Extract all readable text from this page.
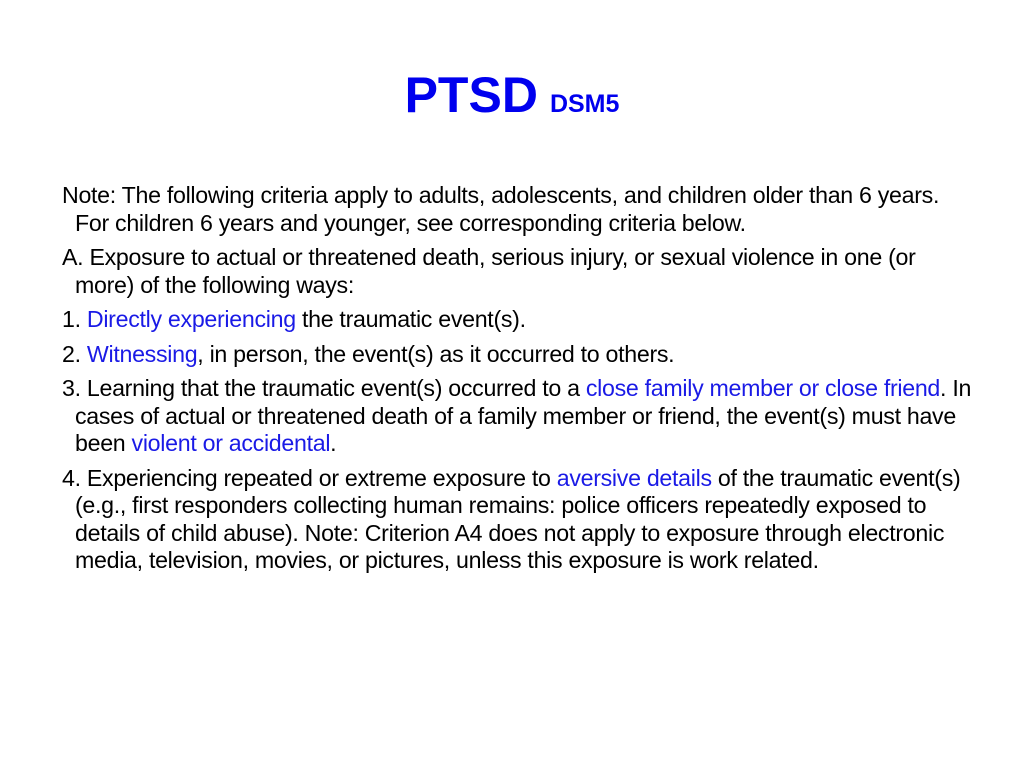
PTSD DSM5

Note: The following criteria apply to adults, adolescents, and children older than 6 years. For children 6 years and younger, see corresponding criteria below.

A. Exposure to actual or threatened death, serious injury, or sexual violence in one (or more) of the following ways:

1. Directly experiencing the traumatic event(s).

2. Witnessing, in person, the event(s) as it occurred to others.

3. Learning that the traumatic event(s) occurred to a close family member or close friend. In cases of actual or threatened death of a family member or friend, the event(s) must have been violent or accidental.

4. Experiencing repeated or extreme exposure to aversive details of the traumatic event(s) (e.g., first responders collecting human remains: police officers repeatedly exposed to details of child abuse). Note: Criterion A4 does not apply to exposure through electronic media, television, movies, or pictures, unless this exposure is work related.
